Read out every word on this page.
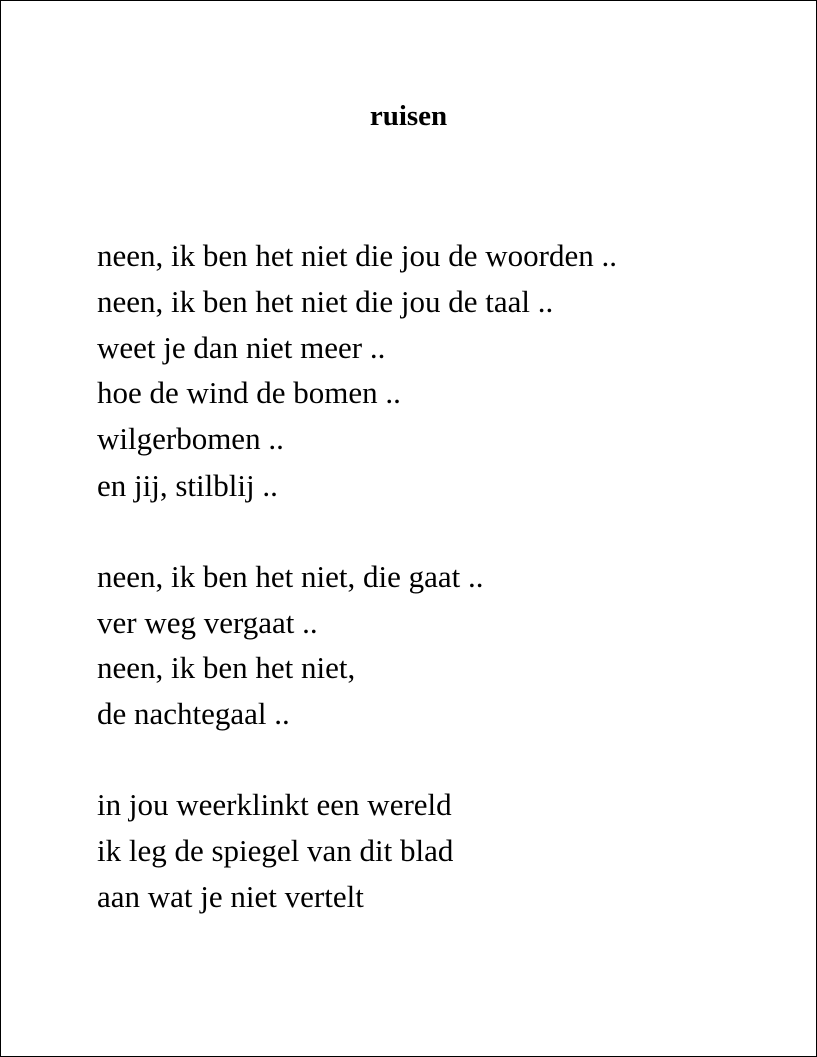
ruisen
neen, ik ben het niet die jou de woorden ..
neen, ik ben het niet die jou de taal ..
weet je dan niet meer ..
hoe de wind de bomen ..
wilgerbomen ..
en jij, stilblij ..
neen, ik ben het niet, die gaat ..
ver weg vergaat ..
neen, ik ben het niet,
de nachtegaal ..
in jou weerklinkt een wereld
ik leg de spiegel van dit blad
aan wat je niet vertelt
